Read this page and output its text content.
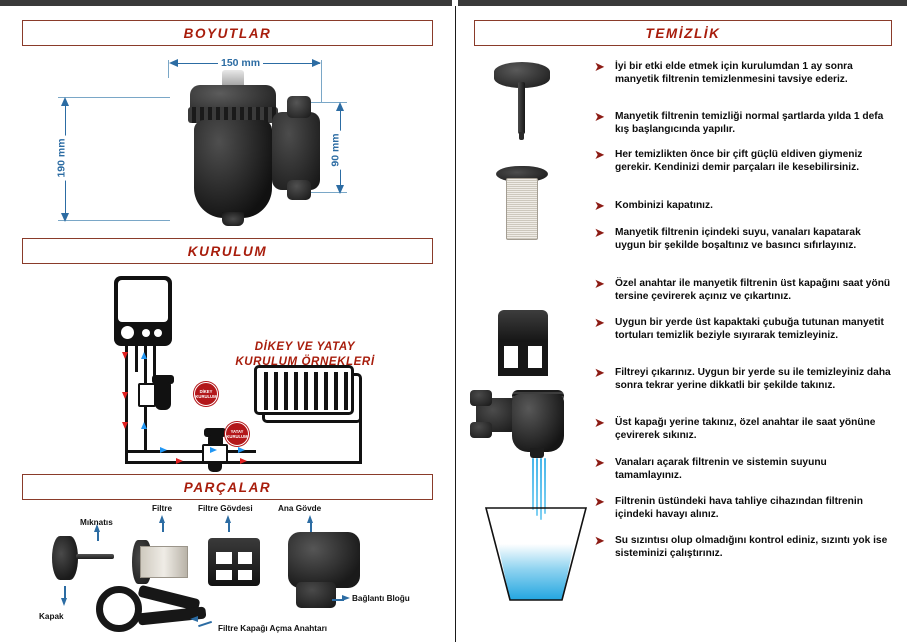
BOYUTLAR
150 mm
190 mm	90 mm
KURULUM
DİKEY
KURULUM
YATAY
KURULUM
DİKEY VE YATAY
KURULUM ÖRNEKLERİ
PARÇALAR
Mıknatıs
Kapak
Filtre	Filtre Gövdesi	Ana Gövde
Bağlantı Bloğu
Filtre Kapağı Açma Anahtarı
TEMİZLİK
➤ İyi bir etki elde etmek için kurulumdan 1 ay sonra manyetik filtrenin temizlenmesini tavsiye ederiz.
➤ Manyetik filtrenin temizliği normal şartlarda yılda 1 defa kış başlangıcında yapılır.
➤ Her temizlikten önce bir çift güçlü eldiven giymeniz gerekir. Kendinizi demir parçaları ile kesebilirsiniz.
➤ Kombinizi kapatınız.
➤ Manyetik filtrenin içindeki suyu, vanaları kapatarak uygun bir şekilde boşaltınız ve basıncı sıfırlayınız.
➤ Özel anahtar ile manyetik filtrenin üst kapağını saat yönü tersine çevirerek açınız ve çıkartınız.
➤ Uygun bir yerde üst kapaktaki çubuğa tutunan manyetit tortuları temizlik beziyle sıyırarak temizleyiniz.
➤ Filtreyi çıkarınız. Uygun bir yerde su ile temizleyiniz daha sonra tekrar yerine dikkatli bir şekilde takınız.
➤ Üst kapağı yerine takınız, özel anahtar ile saat yönüne çevirerek sıkınız.
➤ Vanaları açarak filtrenin ve sistemin suyunu tamamlayınız.
➤ Filtrenin üstündeki hava tahliye cihazından filtrenin içindeki havayı alınız.
➤ Su sızıntısı olup olmadığını kontrol ediniz, sızıntı yok ise sisteminizi çalıştırınız.
